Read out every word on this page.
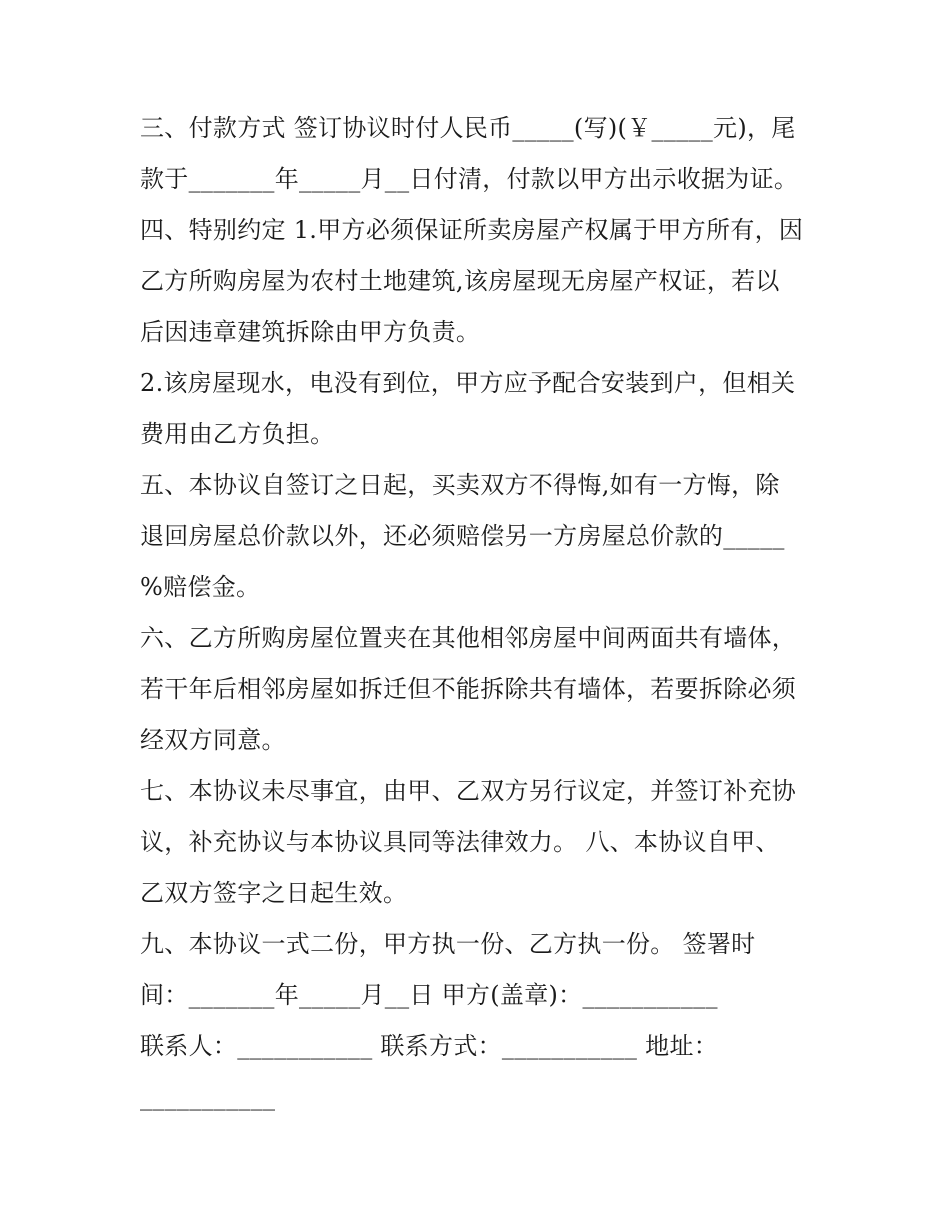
三、付款方式 签订协议时付人民币_____(写)(￥_____元)，尾
款于_______年_____月__日付清，付款以甲方出示收据为证。
四、特别约定 1.甲方必须保证所卖房屋产权属于甲方所有，因
乙方所购房屋为农村土地建筑,该房屋现无房屋产权证，若以
后因违章建筑拆除由甲方负责。
2.该房屋现水，电没有到位，甲方应予配合安装到户，但相关
费用由乙方负担。
五、本协议自签订之日起，买卖双方不得悔,如有一方悔，除
退回房屋总价款以外，还必须赔偿另一方房屋总价款的_____
%赔偿金。
六、乙方所购房屋位置夹在其他相邻房屋中间两面共有墙体，
若干年后相邻房屋如拆迁但不能拆除共有墙体，若要拆除必须
经双方同意。
七、本协议未尽事宜，由甲、乙双方另行议定，并签订补充协
议，补充协议与本协议具同等法律效力。 八、本协议自甲、
乙双方签字之日起生效。
九、本协议一式二份，甲方执一份、乙方执一份。 签署时
间：_______年_____月__日 甲方(盖章)：___________
联系人：___________ 联系方式：___________ 地址：
___________
